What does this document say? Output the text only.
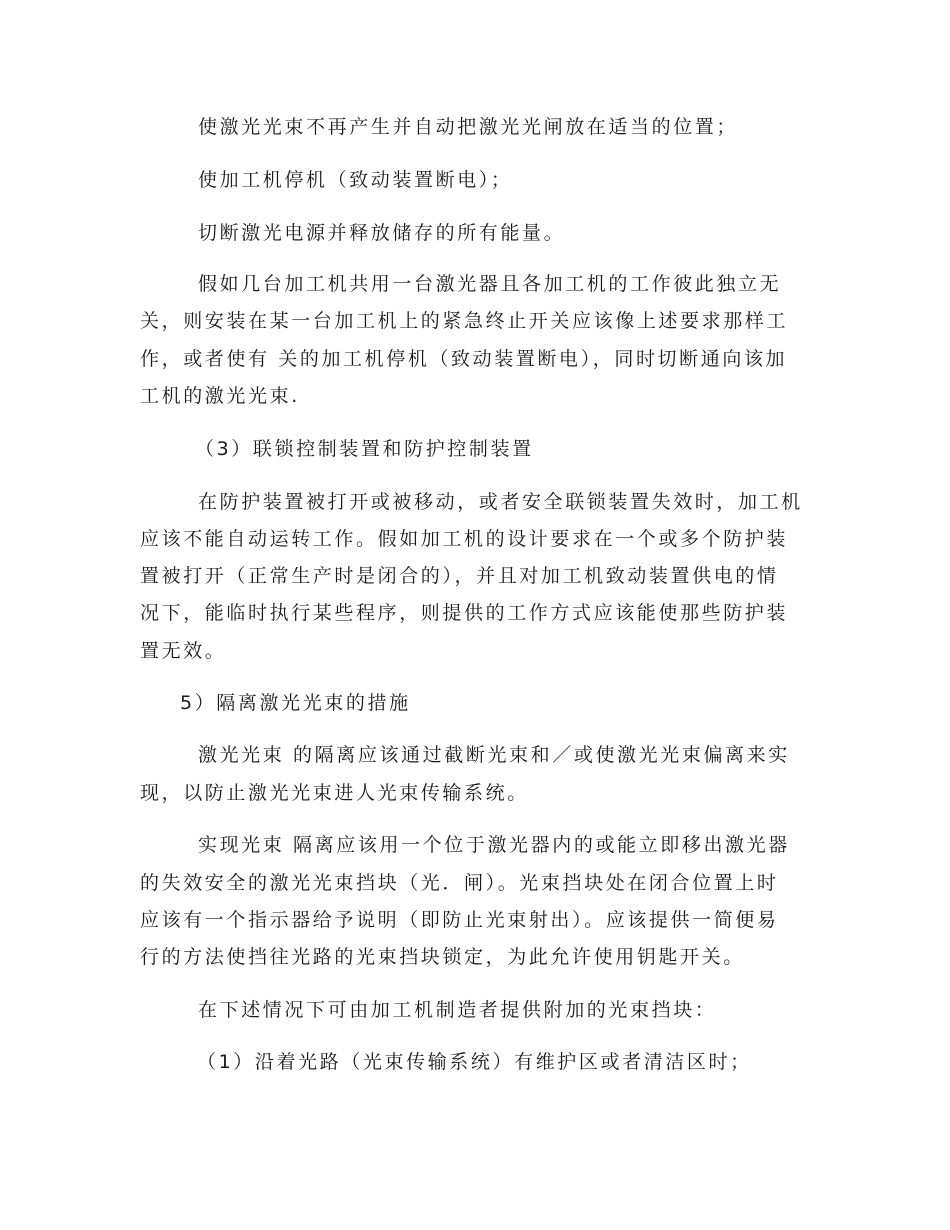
使激光光束不再产生并自动把激光光闸放在适当的位置；
使加工机停机（致动装置断电）；
切断激光电源并释放储存的所有能量。
假如几台加工机共用一台激光器且各加工机的工作彼此独立无
关，则安装在某一台加工机上的紧急终止开关应该像上述要求那样工
作，或者使有 关的加工机停机（致动装置断电），同时切断通向该加
工机的激光光束.
（3）联锁控制装置和防护控制装置
在防护装置被打开或被移动，或者安全联锁装置失效时，加工机
应该不能自动运转工作。假如加工机的设计要求在一个或多个防护装
置被打开（正常生产时是闭合的），并且对加工机致动装置供电的情
况下，能临时执行某些程序，则提供的工作方式应该能使那些防护装
置无效。
5）隔离激光光束的措施
激光光束 的隔离应该通过截断光束和／或使激光光束偏离来实
现，以防止激光光束进人光束传输系统。
实现光束 隔离应该用一个位于激光器内的或能立即移出激光器
的失效安全的激光光束挡块（光．闸）。光束挡块处在闭合位置上时
应该有一个指示器给予说明（即防止光束射出）。应该提供一简便易
行的方法使挡往光路的光束挡块锁定，为此允许使用钥匙开关。
在下述情况下可由加工机制造者提供附加的光束挡块：
（1）沿着光路（光束传输系统）有维护区或者清洁区时；
